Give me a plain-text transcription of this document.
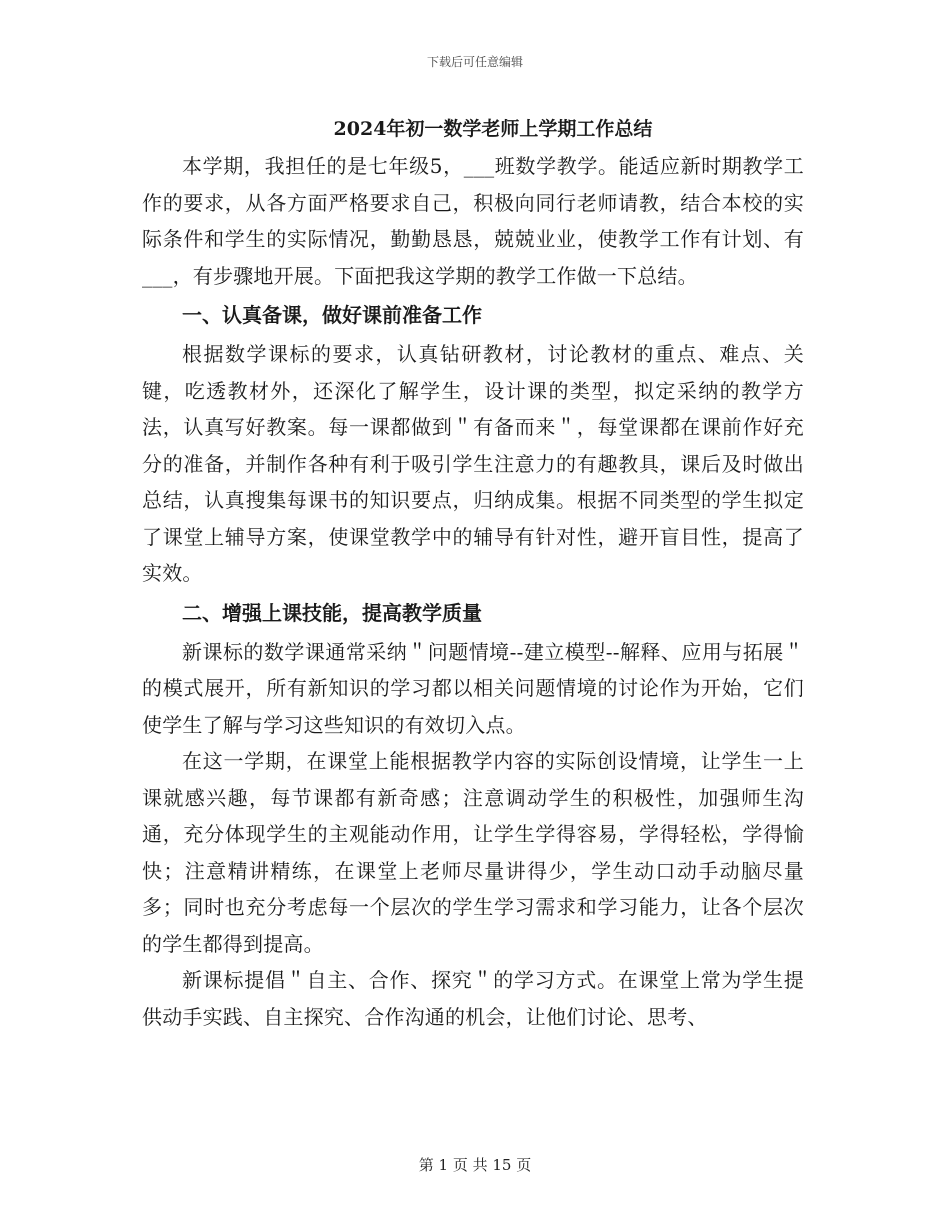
下载后可任意编辑

2024年初一数学老师上学期工作总结

本学期，我担任的是七年级5，___班数学教学。能适应新时期教学工作的要求，从各方面严格要求自己，积极向同行老师请教，结合本校的实际条件和学生的实际情况，勤勤恳恳，兢兢业业，使教学工作有计划、有___，有步骤地开展。下面把我这学期的教学工作做一下总结。

一、认真备课，做好课前准备工作

根据数学课标的要求，认真钻研教材，讨论教材的重点、难点、关键，吃透教材外，还深化了解学生，设计课的类型，拟定采纳的教学方法，认真写好教案。每一课都做到＂有备而来＂，每堂课都在课前作好充分的准备，并制作各种有利于吸引学生注意力的有趣教具，课后及时做出总结，认真搜集每课书的知识要点，归纳成集。根据不同类型的学生拟定了课堂上辅导方案，使课堂教学中的辅导有针对性，避开盲目性，提高了实效。

二、增强上课技能，提高教学质量

新课标的数学课通常采纳＂问题情境--建立模型--解释、应用与拓展＂的模式展开，所有新知识的学习都以相关问题情境的讨论作为开始，它们使学生了解与学习这些知识的有效切入点。

在这一学期，在课堂上能根据教学内容的实际创设情境，让学生一上课就感兴趣，每节课都有新奇感；注意调动学生的积极性，加强师生沟通，充分体现学生的主观能动作用，让学生学得容易，学得轻松，学得愉快；注意精讲精练，在课堂上老师尽量讲得少，学生动口动手动脑尽量多；同时也充分考虑每一个层次的学生学习需求和学习能力，让各个层次的学生都得到提高。

新课标提倡＂自主、合作、探究＂的学习方式。在课堂上常为学生提供动手实践、自主探究、合作沟通的机会，让他们讨论、思考、

第 1 页 共 15 页
